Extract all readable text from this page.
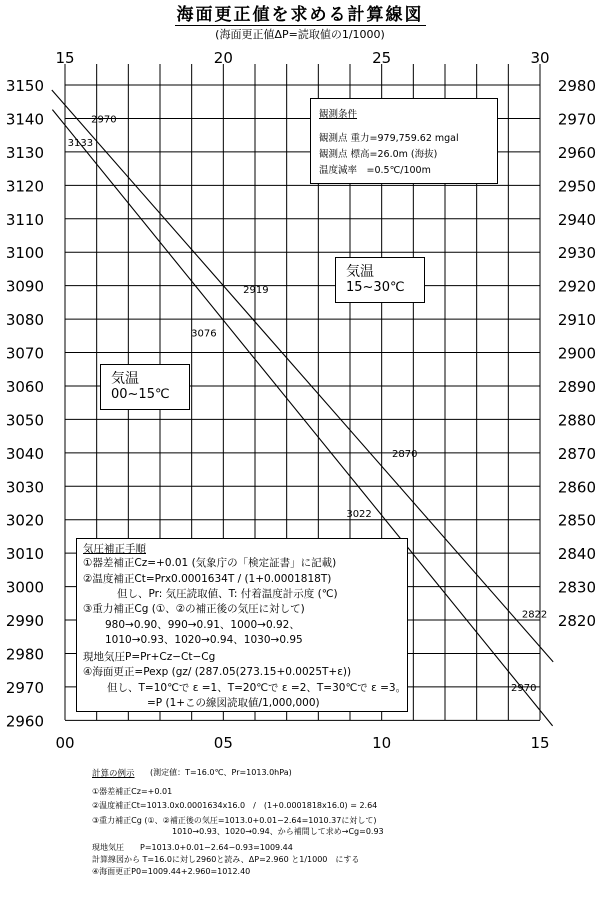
海面更正値を求める計算線図
(海面更正値ΔP=読取値の1/1000)
15	20	25	30
00	05	10	15
3150
3140
3130
3120
3110
3100
3090
3080
3070
3060
3050
3040
3030
3020
3010
3000
2990
2980
2970
2960
2980
2970
2960
2950
2940
2930
2920
2910
2900
2890
2880
2870
2860
2850
2840
2830
2820
2970
2919
2870
2822
3133
3076
3022
2970
観測条件
観測点 重力=979,759.62 mgal
観測点 標高=26.0m (海抜)
温度減率　=0.5℃/100m
気温
15~30℃
気温
00~15℃
気圧補正手順
①器差補正Cz=+0.01 (気象庁の「検定証書」に記載)
②温度補正Ct=Prx0.0001634T / (1+0.0001818T)
但し、Pr: 気圧読取値、T: 付着温度計示度 (℃)
③重力補正Cg (①、②の補正後の気圧に対して)
980→0.90、990→0.91、1000→0.92、
1010→0.93、1020→0.94、1030→0.95
現地気圧P=Pr+Cz−Ct−Cg
④海面更正=Pexp (gz/ (287.05(273.15+0.0025T+ε))
但し、T=10℃で ε =1、T=20℃で ε =2、T=30℃で ε =3。
=P (1+この線図読取値/1,000,000)
計算の例示 (測定値：T=16.0℃、Pr=1013.0hPa)
①器差補正Cz=+0.01
②温度補正Ct=1013.0x0.0001634x16.0　/　(1+0.0001818x16.0) = 2.64
③重力補正Cg (①、②補正後の気圧=1013.0+0.01−2.64=1010.37に対して)
1010→0.93、1020→0.94、から補間して求め→Cg=0.93
現地気圧　　P=1013.0+0.01−2.64−0.93=1009.44
計算線図から T=16.0に対し2960と読み、ΔP=2.960 と1/1000　にする
④海面更正P0=1009.44+2.960=1012.40
